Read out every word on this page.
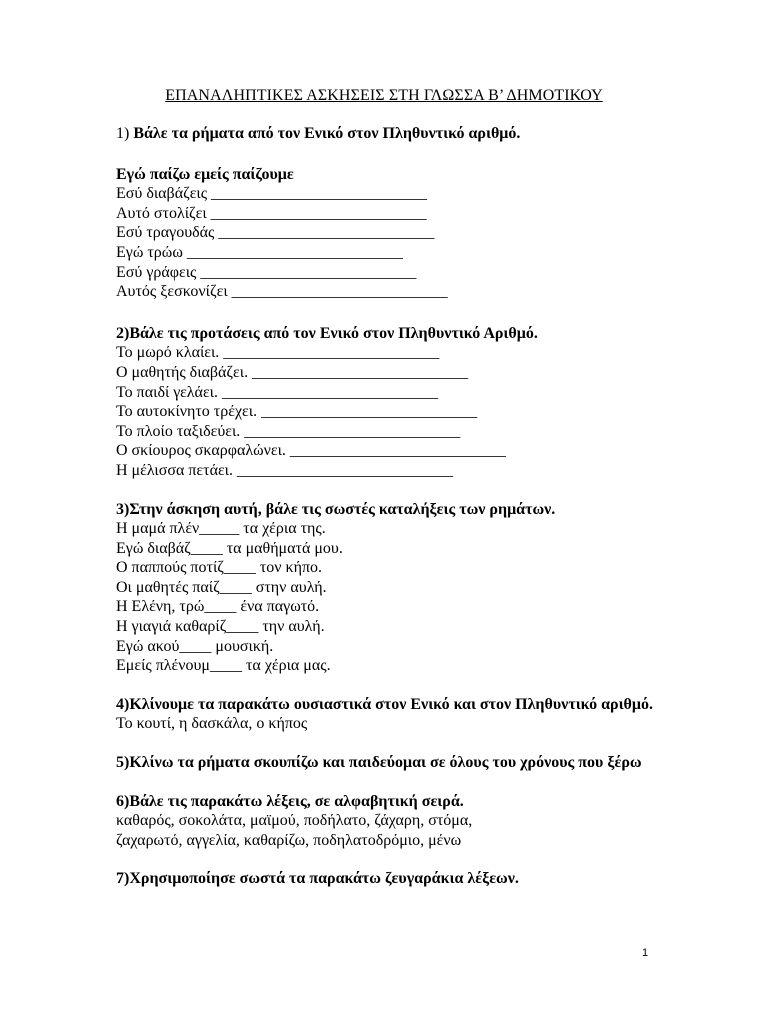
ΕΠΑΝΑΛΗΠΤΙΚΕΣ ΑΣΚΗΣΕΙΣ ΣΤΗ ΓΛΩΣΣΑ Β’ ΔΗΜΟΤΙΚΟΥ
1) Βάλε τα ρήματα από τον Ενικό στον Πληθυντικό αριθμό.
Εγώ παίζω εμείς παίζουμε
Εσύ διαβάζεις ___________________________
Αυτό στολίζει ___________________________
Εσύ τραγουδάς ___________________________
Εγώ τρώω ___________________________
Εσύ γράφεις ___________________________
Αυτός ξεσκονίζει ___________________________
2)Βάλε τις προτάσεις από τον Ενικό στον Πληθυντικό Αριθμό.
Το μωρό κλαίει. ___________________________
Ο μαθητής διαβάζει. ___________________________
Το παιδί γελάει. ___________________________
Το αυτοκίνητο τρέχει. ___________________________
Το πλοίο ταξιδεύει. ___________________________
Ο σκίουρος σκαρφαλώνει. ___________________________
Η μέλισσα πετάει. ___________________________
3)Στην άσκηση αυτή, βάλε τις σωστές καταλήξεις των ρημάτων.
Η μαμά πλέν_____ τα χέρια της.
Εγώ διαβάζ____ τα μαθήματά μου.
Ο παππούς ποτίζ____ τον κήπο.
Οι μαθητές παίζ____ στην αυλή.
Η Ελένη, τρώ____ ένα παγωτό.
Η γιαγιά καθαρίζ____ την αυλή.
Εγώ ακού____ μουσική.
Εμείς πλένουμ____ τα χέρια μας.
4)Κλίνουμε τα παρακάτω ουσιαστικά στον Ενικό και στον Πληθυντικό αριθμό.
Το κουτί, η δασκάλα, ο κήπος
5)Κλίνω τα ρήματα σκουπίζω και παιδεύομαι σε όλους του χρόνους που ξέρω
6)Βάλε τις παρακάτω λέξεις, σε αλφαβητική σειρά.
καθαρός, σοκολάτα, μαϊμού, ποδήλατο, ζάχαρη, στόμα,
ζαχαρωτό, αγγελία, καθαρίζω, ποδηλατοδρόμιο, μένω
7)Χρησιμοποίησε σωστά τα παρακάτω ζευγαράκια λέξεων.
1
